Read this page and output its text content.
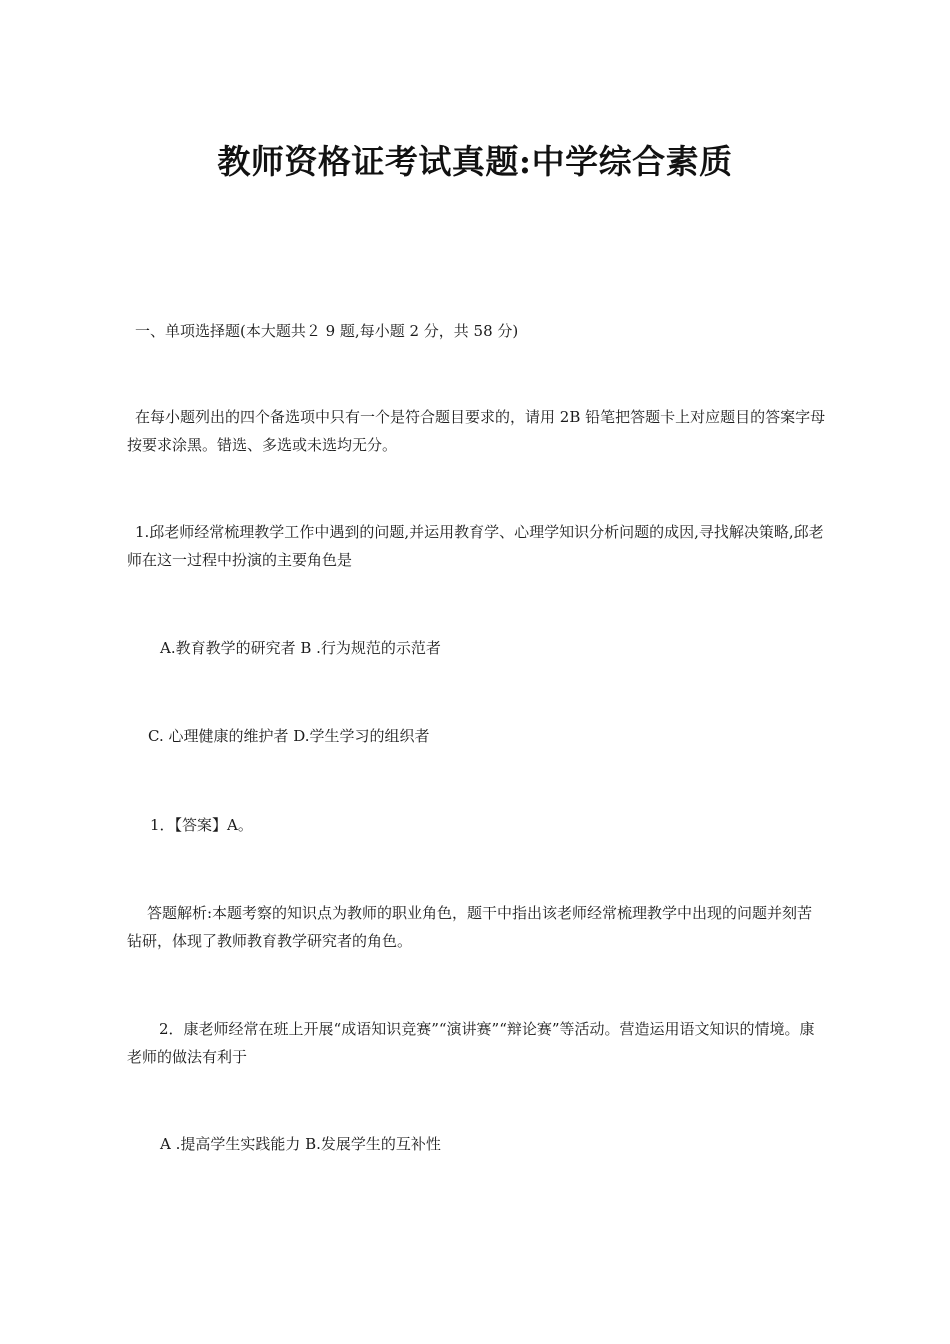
教师资格证考试真题:中学综合素质
一、单项选择题(本大题共２ 9 题,每小题 2 分，共 58 分)
在每小题列出的四个备选项中只有一个是符合题目要求的，请用 2B 铅笔把答题卡上对应题目的答案字母按要求涂黑。错选、多选或未选均无分。
1.邱老师经常梳理教学工作中遇到的问题,并运用教育学、心理学知识分析问题的成因,寻找解决策略,邱老师在这一过程中扮演的主要角色是
A.教育教学的研究者 B .行为规范的示范者
C. 心理健康的维护者 D.学生学习的组织者
1．【答案】A。
答题解析:本题考察的知识点为教师的职业角色，题干中指出该老师经常梳理教学中出现的问题并刻苦钻研，体现了教师教育教学研究者的角色。
2．康老师经常在班上开展“成语知识竞赛”“演讲赛”“辩论赛”等活动。营造运用语文知识的情境。康老师的做法有利于
A .提高学生实践能力 B.发展学生的互补性
